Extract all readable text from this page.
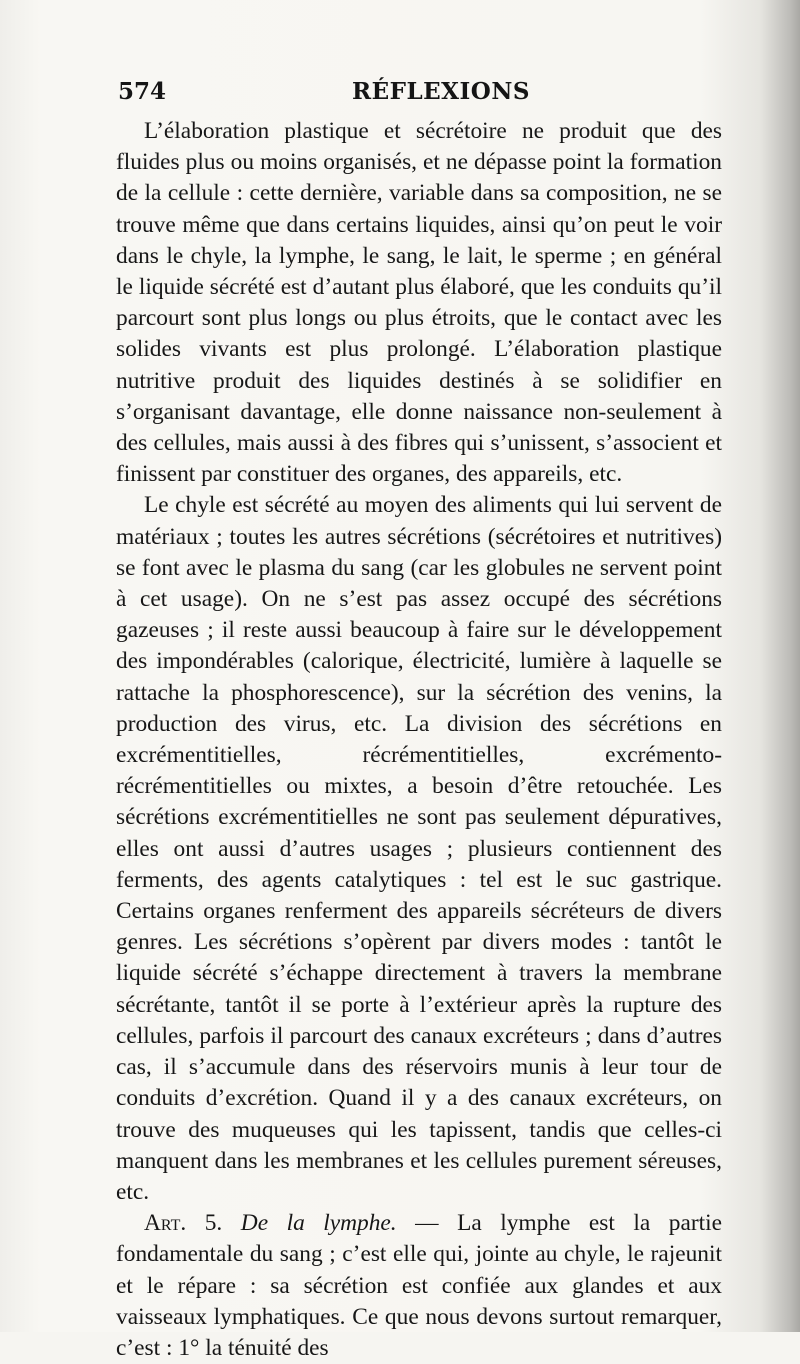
574	RÉFLEXIONS

L’élaboration plastique et sécrétoire ne produit que des fluides plus ou moins organisés, et ne dépasse point la formation de la cellule : cette dernière, variable dans sa composition, ne se trouve même que dans certains liquides, ainsi qu’on peut le voir dans le chyle, la lymphe, le sang, le lait, le sperme ; en général le liquide sécrété est d’autant plus élaboré, que les conduits qu’il parcourt sont plus longs ou plus étroits, que le contact avec les solides vivants est plus prolongé. L’élaboration plastique nutritive produit des liquides destinés à se solidifier en s’organisant davantage, elle donne naissance non-seulement à des cellules, mais aussi à des fibres qui s’unissent, s’associent et finissent par constituer des organes, des appareils, etc.

Le chyle est sécrété au moyen des aliments qui lui servent de matériaux ; toutes les autres sécrétions (sécrétoires et nutritives) se font avec le plasma du sang (car les globules ne servent point à cet usage). On ne s’est pas assez occupé des sécrétions gazeuses ; il reste aussi beaucoup à faire sur le développement des impondérables (calorique, électricité, lumière à laquelle se rattache la phosphorescence), sur la sécrétion des venins, la production des virus, etc. La division des sécrétions en excrémentitielles, récrémentitielles, excrémento-récrémentitielles ou mixtes, a besoin d’être retouchée. Les sécrétions excrémentitielles ne sont pas seulement dépuratives, elles ont aussi d’autres usages ; plusieurs contiennent des ferments, des agents catalytiques : tel est le suc gastrique. Certains organes renferment des appareils sécréteurs de divers genres. Les sécrétions s’opèrent par divers modes : tantôt le liquide sécrété s’échappe directement à travers la membrane sécrétante, tantôt il se porte à l’extérieur après la rupture des cellules, parfois il parcourt des canaux excréteurs ; dans d’autres cas, il s’accumule dans des réservoirs munis à leur tour de conduits d’excrétion. Quand il y a des canaux excréteurs, on trouve des muqueuses qui les tapissent, tandis que celles-ci manquent dans les membranes et les cellules purement séreuses, etc.

Art. 5. De la lymphe. — La lymphe est la partie fondamentale du sang ; c’est elle qui, jointe au chyle, le rajeunit et le répare : sa sécrétion est confiée aux glandes et aux vaisseaux lymphatiques. Ce que nous devons surtout remarquer, c’est : 1° la ténuité des
